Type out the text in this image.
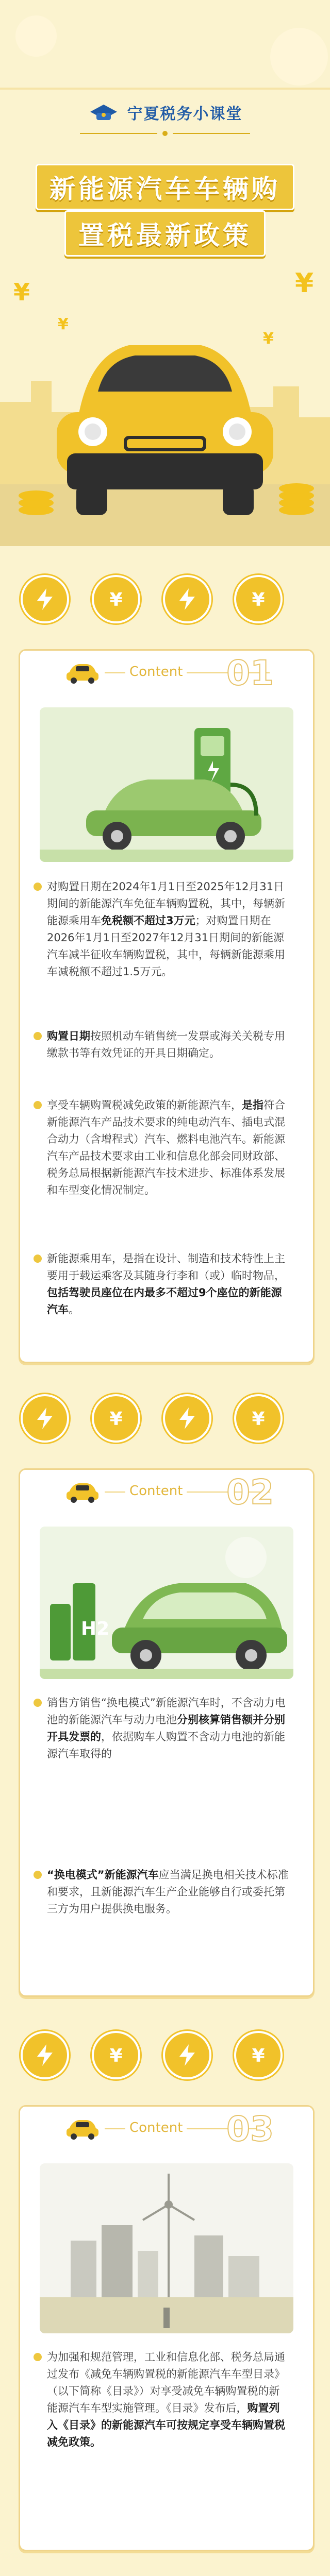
¥	¥
¥
¥
宁夏税务小课堂
新能源汽车车辆购
置税最新政策
¥	¥
Content 01
对购置日期在2024年1月1日至2025年12月31日期间的新能源汽车免征车辆购置税，其中，每辆新能源乘用车免税额不超过3万元；对购置日期在2026年1月1日至2027年12月31日期间的新能源汽车减半征收车辆购置税，其中，每辆新能源乘用车减税额不超过1.5万元。
购置日期按照机动车销售统一发票或海关关税专用缴款书等有效凭证的开具日期确定。
享受车辆购置税减免政策的新能源汽车，是指符合新能源汽车产品技术要求的纯电动汽车、插电式混合动力（含增程式）汽车、燃料电池汽车。新能源汽车产品技术要求由工业和信息化部会同财政部、税务总局根据新能源汽车技术进步、标准体系发展和车型变化情况制定。
新能源乘用车，是指在设计、制造和技术特性上主要用于载运乘客及其随身行李和（或）临时物品，包括驾驶员座位在内最多不超过9个座位的新能源汽车。
¥	¥
Content 02
H2
销售方销售“换电模式”新能源汽车时，不含动力电池的新能源汽车与动力电池分别核算销售额并分别开具发票的，依据购车人购置不含动力电池的新能源汽车取得的
“换电模式”新能源汽车应当满足换电相关技术标准和要求，且新能源汽车生产企业能够自行或委托第三方为用户提供换电服务。
¥	¥
Content 03
为加强和规范管理，工业和信息化部、税务总局通过发布《减免车辆购置税的新能源汽车车型目录》（以下简称《目录》）对享受减免车辆购置税的新能源汽车车型实施管理。《目录》发布后，购置列入《目录》的新能源汽车可按规定享受车辆购置税减免政策。
